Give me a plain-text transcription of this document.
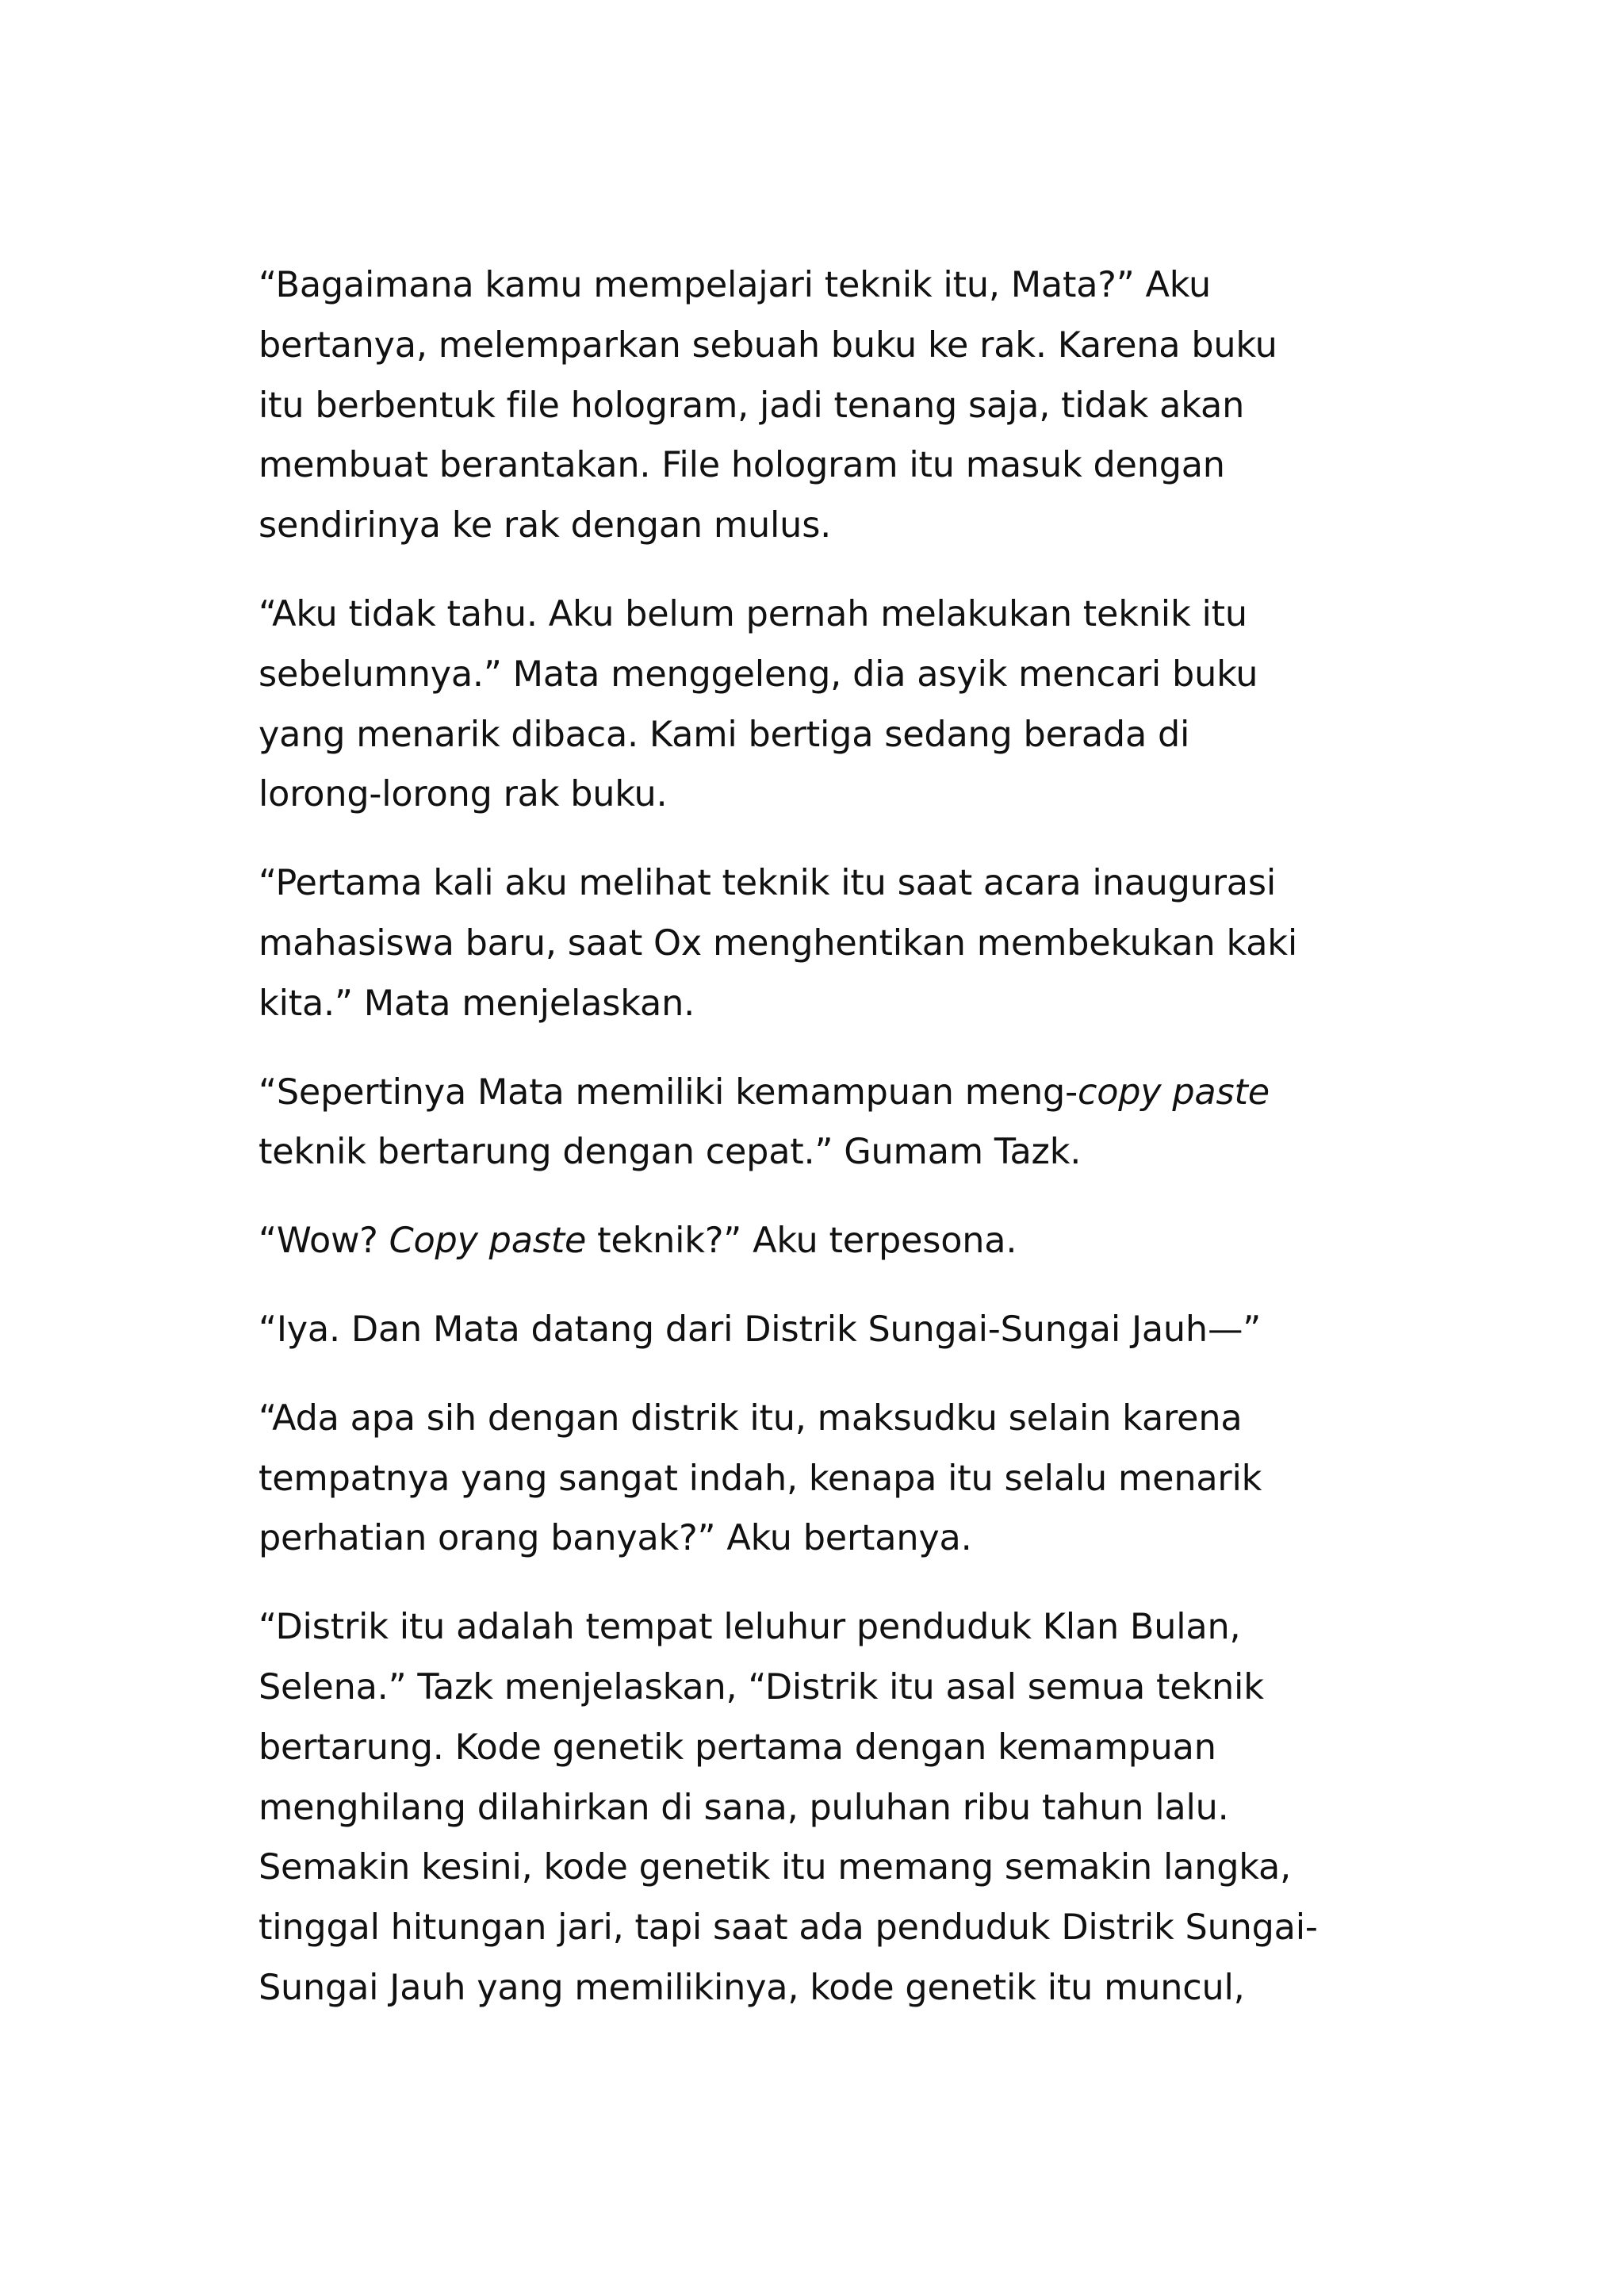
“Bagaimana kamu mempelajari teknik itu, Mata?” Aku
bertanya, melemparkan sebuah buku ke rak. Karena buku
itu berbentuk file hologram, jadi tenang saja, tidak akan
membuat berantakan. File hologram itu masuk dengan
sendirinya ke rak dengan mulus.

“Aku tidak tahu. Aku belum pernah melakukan teknik itu
sebelumnya.” Mata menggeleng, dia asyik mencari buku
yang menarik dibaca. Kami bertiga sedang berada di
lorong-lorong rak buku.

“Pertama kali aku melihat teknik itu saat acara inaugurasi
mahasiswa baru, saat Ox menghentikan membekukan kaki
kita.” Mata menjelaskan.

“Sepertinya Mata memiliki kemampuan meng-copy paste
teknik bertarung dengan cepat.” Gumam Tazk.

“Wow? Copy paste teknik?” Aku terpesona.

“Iya. Dan Mata datang dari Distrik Sungai-Sungai Jauh—”

“Ada apa sih dengan distrik itu, maksudku selain karena
tempatnya yang sangat indah, kenapa itu selalu menarik
perhatian orang banyak?” Aku bertanya.

“Distrik itu adalah tempat leluhur penduduk Klan Bulan,
Selena.” Tazk menjelaskan, “Distrik itu asal semua teknik
bertarung. Kode genetik pertama dengan kemampuan
menghilang dilahirkan di sana, puluhan ribu tahun lalu.
Semakin kesini, kode genetik itu memang semakin langka,
tinggal hitungan jari, tapi saat ada penduduk Distrik Sungai-
Sungai Jauh yang memilikinya, kode genetik itu muncul,
